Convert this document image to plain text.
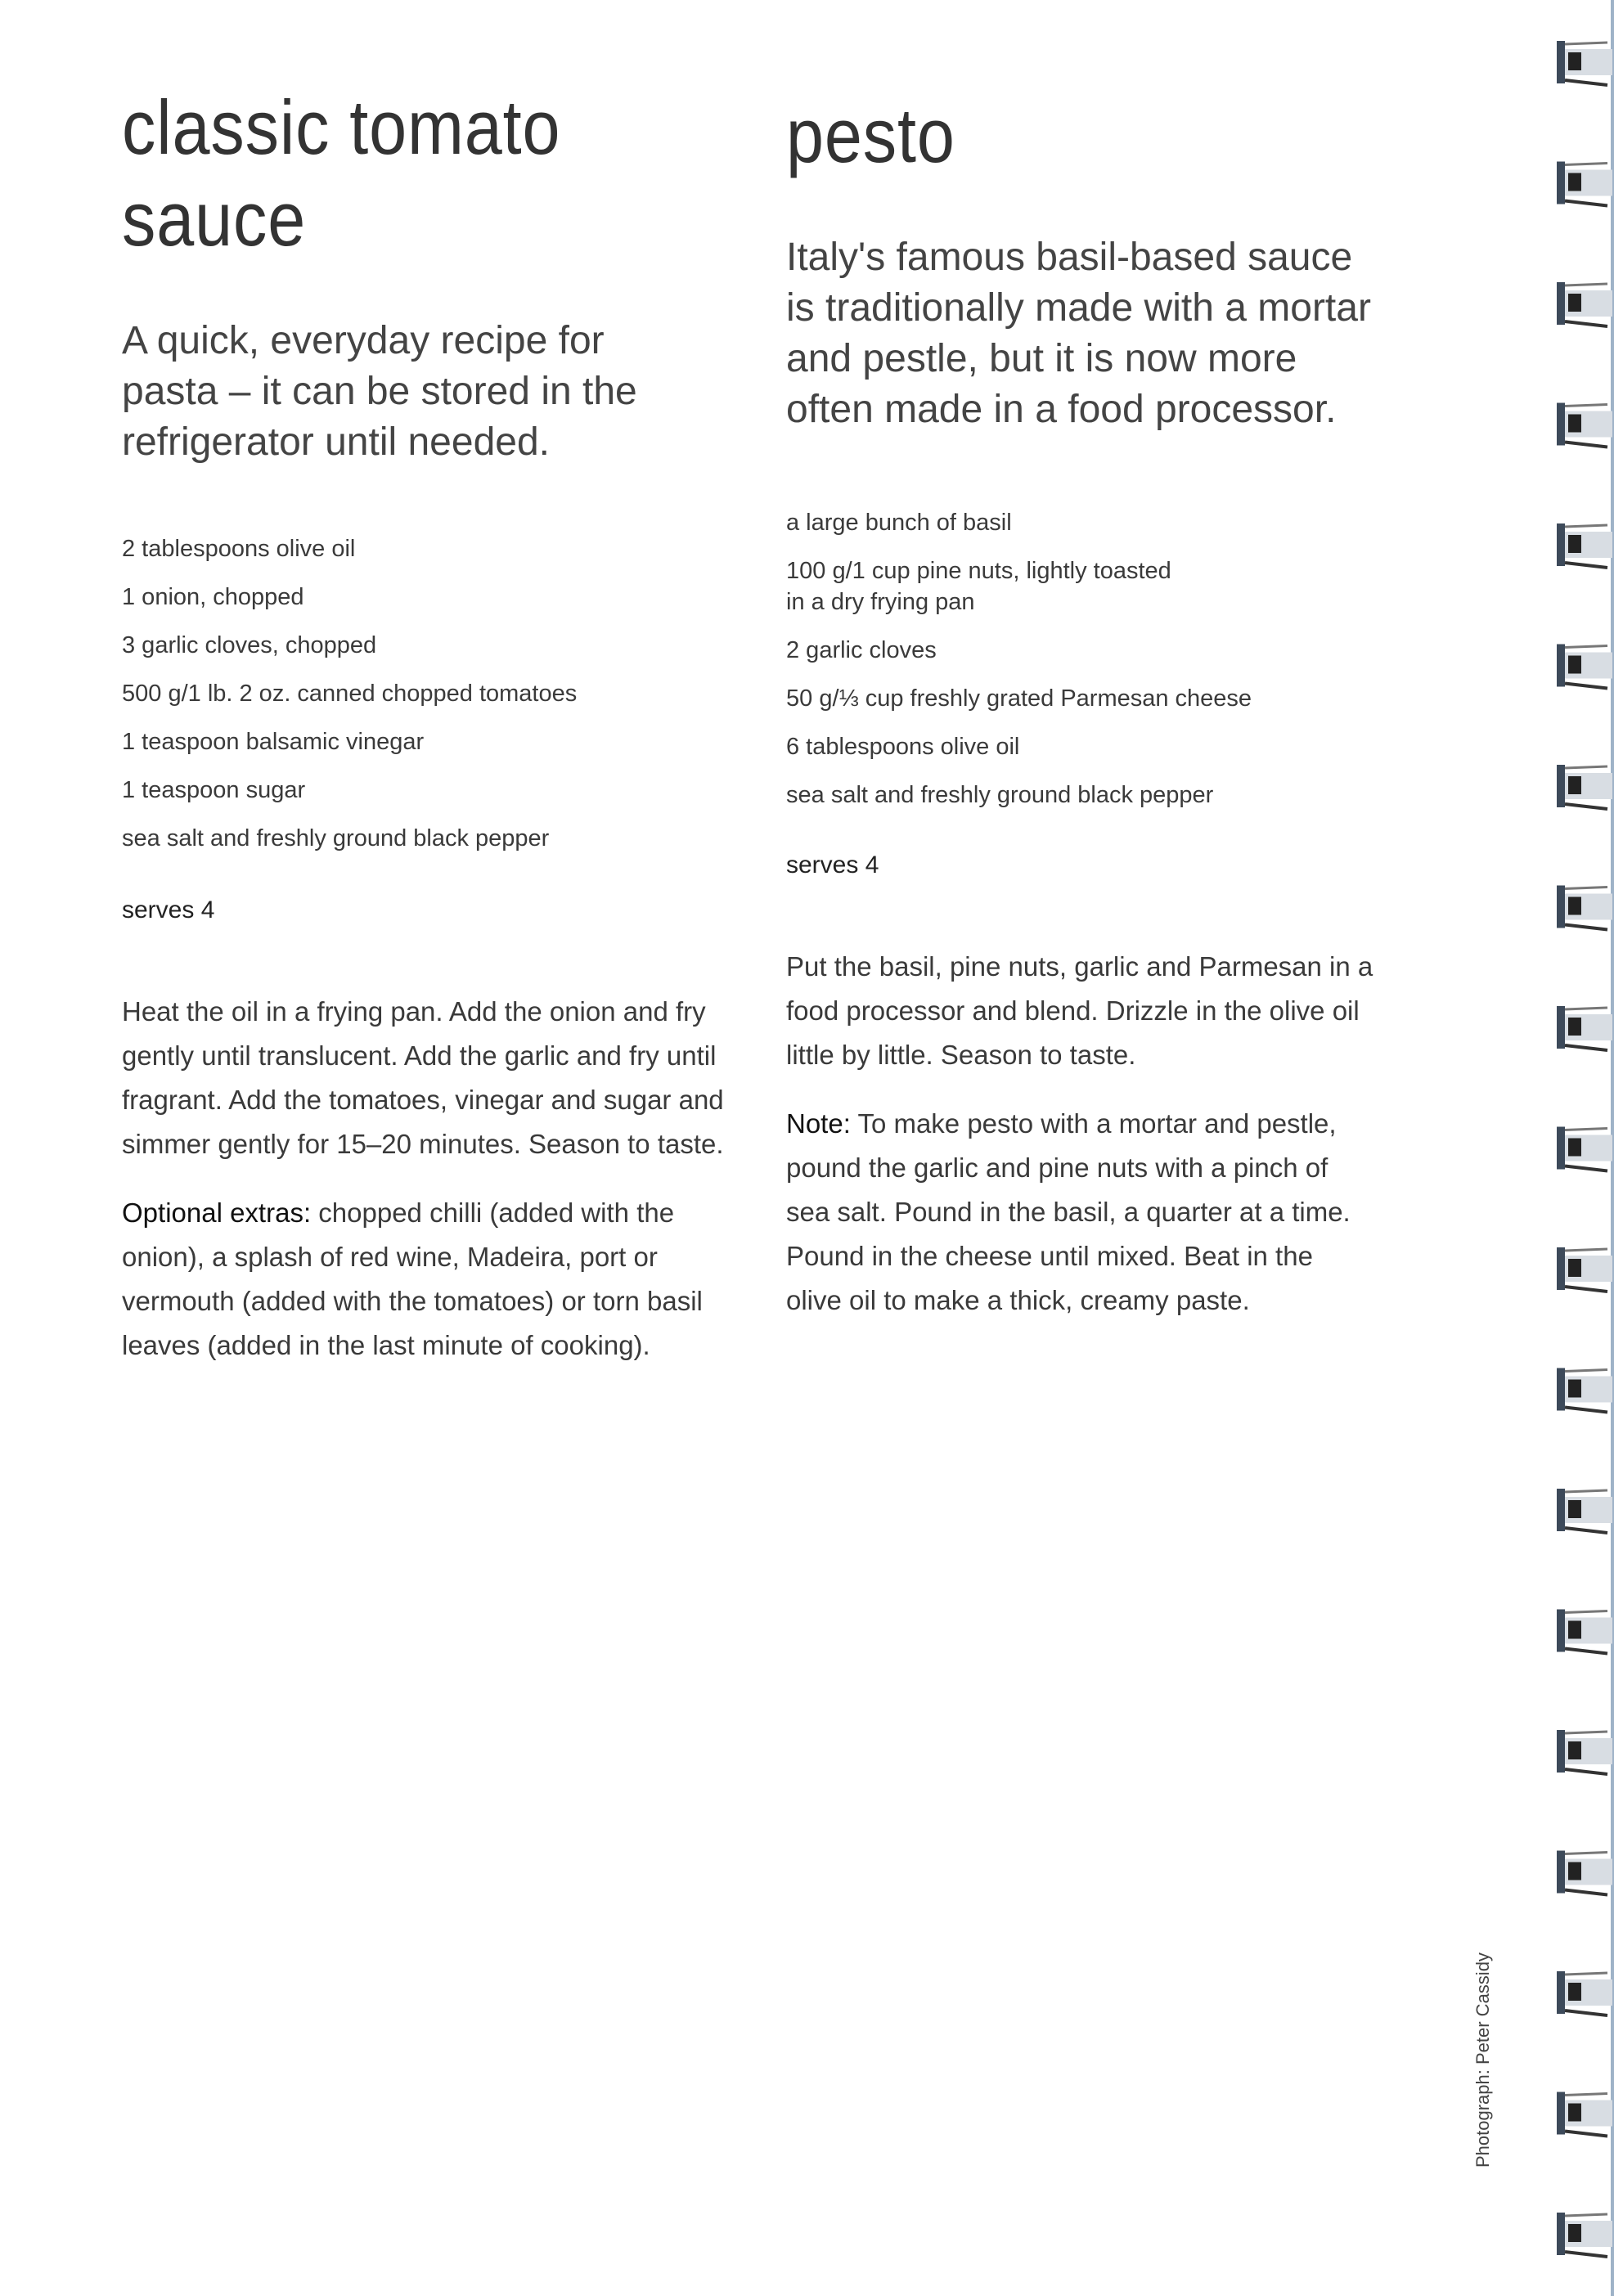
classic tomato sauce

A quick, everyday recipe for pasta – it can be stored in the refrigerator until needed.

2 tablespoons olive oil
1 onion, chopped
3 garlic cloves, chopped
500 g/1 lb. 2 oz. canned chopped tomatoes
1 teaspoon balsamic vinegar
1 teaspoon sugar
sea salt and freshly ground black pepper
serves 4

Heat the oil in a frying pan. Add the onion and fry gently until translucent. Add the garlic and fry until fragrant. Add the tomatoes, vinegar and sugar and simmer gently for 15–20 minutes. Season to taste.

Optional extras: chopped chilli (added with the onion), a splash of red wine, Madeira, port or vermouth (added with the tomatoes) or torn basil leaves (added in the last minute of cooking).

pesto

Italy's famous basil-based sauce is traditionally made with a mortar and pestle, but it is now more often made in a food processor.

a large bunch of basil
100 g/1 cup pine nuts, lightly toasted
in a dry frying pan
2 garlic cloves
50 g/⅓ cup freshly grated Parmesan cheese
6 tablespoons olive oil
sea salt and freshly ground black pepper
serves 4

Put the basil, pine nuts, garlic and Parmesan in a food processor and blend. Drizzle in the olive oil little by little. Season to taste.

Note: To make pesto with a mortar and pestle, pound the garlic and pine nuts with a pinch of sea salt. Pound in the basil, a quarter at a time. Pound in the cheese until mixed. Beat in the olive oil to make a thick, creamy paste.

Photograph: Peter Cassidy
